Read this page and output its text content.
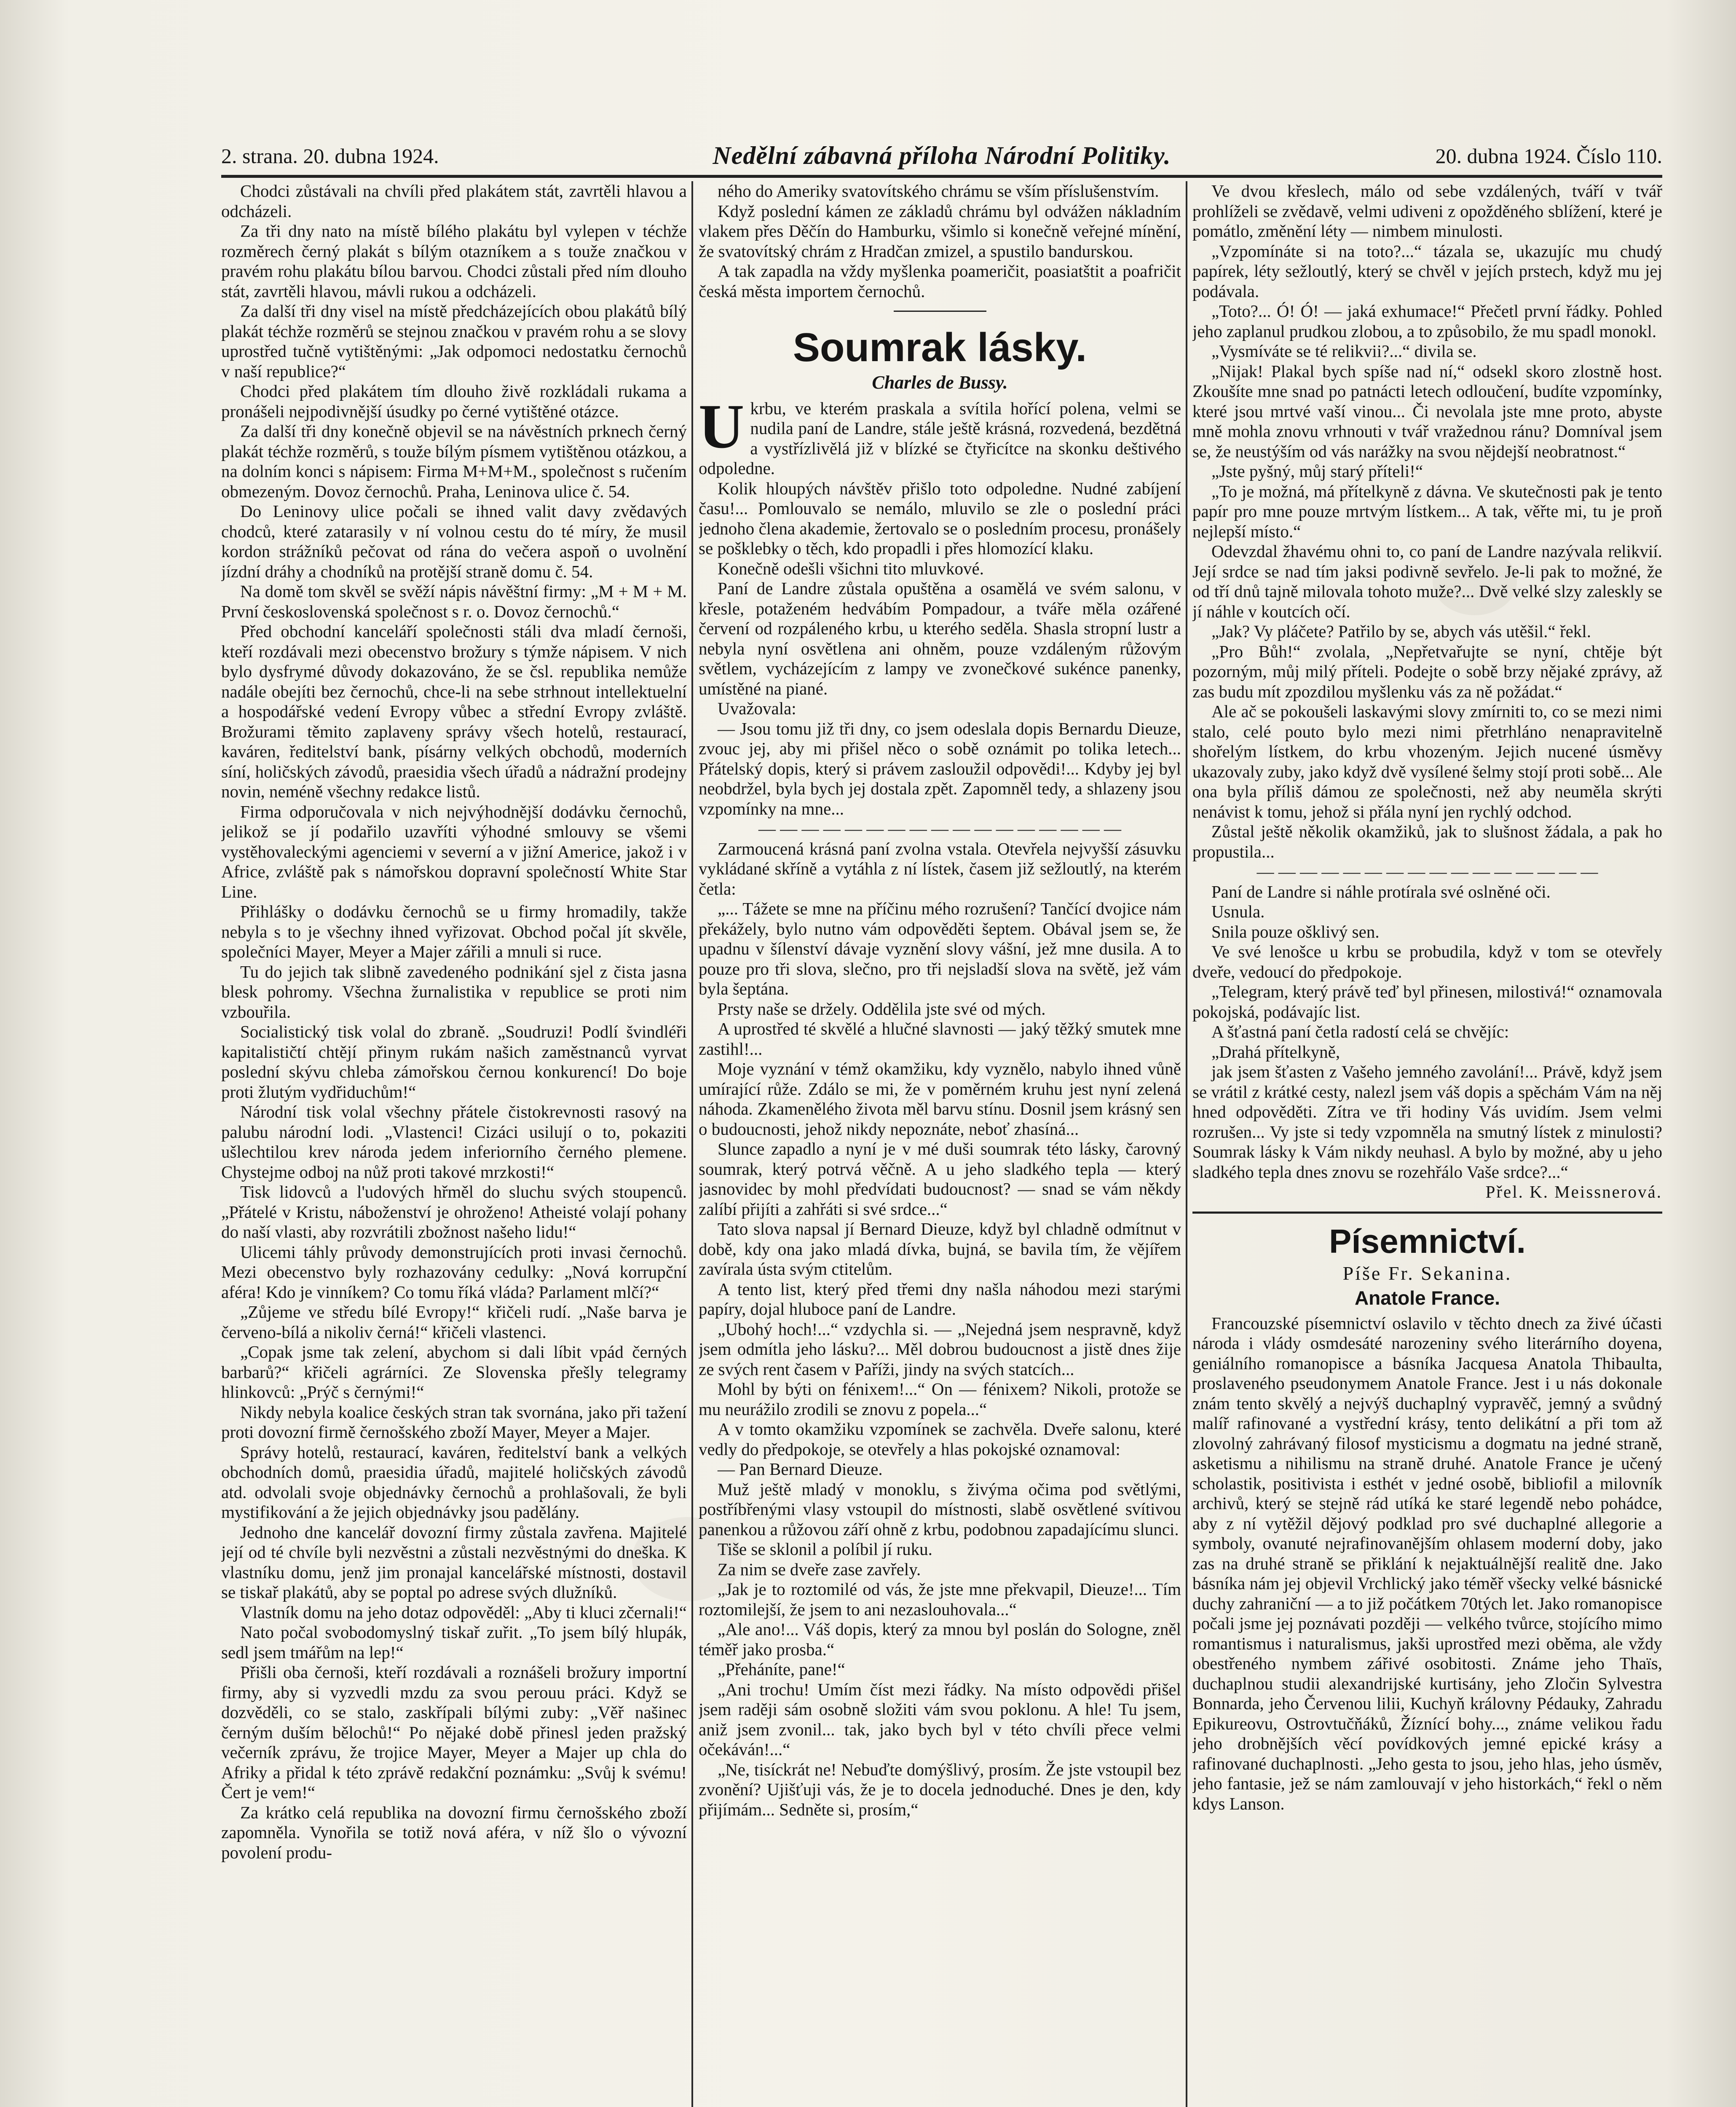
2. strana. 20. dubna 1924.	Nedělní zábavná příloha Národní Politiky.	20. dubna 1924. Číslo 110.

Chodci zůstávali na chvíli před plakátem stát, zavrtěli hlavou a odcházeli.

Za tři dny nato na místě bílého plakátu byl vylepen v téchže rozměrech černý plakát s bílým otazníkem a s touže značkou v pravém rohu plakátu bílou barvou. Chodci zůstali před ním dlouho stát, zavrtěli hlavou, mávli rukou a odcházeli.

Za další tři dny visel na místě předcházejících obou plakátů bílý plakát téchže rozměrů se stejnou značkou v pravém rohu a se slovy uprostřed tučně vytištěnými: „Jak odpomoci nedostatku černochů v naší republice?“

Chodci před plakátem tím dlouho živě rozkládali rukama a pronášeli nejpodivnější úsudky po černé vytištěné otázce.

Za další tři dny konečně objevil se na návěstních prknech černý plakát téchže rozměrů, s touže bílým písmem vytištěnou otázkou, a na dolním konci s nápisem: Firma M+M+M., společnost s ručením obmezeným. Dovoz černochů. Praha, Leninova ulice č. 54.

Do Leninovy ulice počali se ihned valit davy zvědavých chodců, které zatarasily v ní volnou cestu do té míry, že musil kordon strážníků pečovat od rána do večera aspoň o uvolnění jízdní dráhy a chodníků na protější straně domu č. 54.

Na domě tom skvěl se svěží nápis návěštní firmy: „M + M + M. První československá společnost s r. o. Dovoz černochů.“

Před obchodní kanceláří společnosti stáli dva mladí černoši, kteří rozdávali mezi obecenstvo brožury s týmže nápisem. V nich bylo dysfrymé důvody dokazováno, že se čsl. republika nemůže nadále obejíti bez černochů, chce-li na sebe strhnout intellektuelní a hospodářské vedení Evropy vůbec a střední Evropy zvláště. Brožurami těmito zaplaveny správy všech hotelů, restaurací, kaváren, ředitelství bank, písárny velkých obchodů, moderních síní, holičských závodů, praesidia všech úřadů a nádražní prodejny novin, neméně všechny redakce listů.

Firma odporučovala v nich nejvýhodnější dodávku černochů, jelikož se jí podařilo uzavříti výhodné smlouvy se všemi vystěhovaleckými agenciemi v severní a v jižní Americe, jakož i v Africe, zvláště pak s námořskou dopravní společností White Star Line.

Přihlášky o dodávku černochů se u firmy hromadily, takže nebyla s to je všechny ihned vyřizovat. Obchod počal jít skvěle, společníci Mayer, Meyer a Majer zářili a mnuli si ruce.

Tu do jejich tak slibně zavedeného podnikání sjel z čista jasna blesk pohromy. Všechna žurnalistika v republice se proti nim vzbouřila.

Socialistický tisk volal do zbraně. „Soudruzi! Podlí švindléři kapitalističtí chtějí přinym rukám našich zaměstnanců vyrvat poslední skývu chleba zámořskou černou konkurencí! Do boje proti žlutým vydřiduchům!“

Národní tisk volal všechny přátele čistokrevnosti rasový na palubu národní lodi. „Vlastenci! Cizáci usilují o to, pokaziti ušlechtilou krev národa jedem inferiorního černého plemene. Chystejme odboj na nůž proti takové mrzkosti!“

Tisk lidovců a l'udových hřměl do sluchu svých stoupenců. „Přátelé v Kristu, náboženství je ohroženo! Atheisté volají pohany do naší vlasti, aby rozvrátili zbožnost našeho lidu!“

Ulicemi táhly průvody demonstrujících proti invasi černochů. Mezi obecenstvo byly rozhazovány cedulky: „Nová korrupční aféra! Kdo je vinníkem? Co tomu říká vláda? Parlament mlčí?“

„Zůjeme ve středu bílé Evropy!“ křičeli rudí. „Naše barva je červeno-bílá a nikoliv černá!“ křičeli vlastenci.

„Copak jsme tak zelení, abychom si dali líbit vpád černých barbarů?“ křičeli agrárníci. Ze Slovenska přešly telegramy hlinkovců: „Prýč s černými!“

Nikdy nebyla koalice českých stran tak svornána, jako při tažení proti dovozní firmě černošského zboží Mayer, Meyer a Majer.

Správy hotelů, restaurací, kaváren, ředitelství bank a velkých obchodních domů, praesidia úřadů, majitelé holičských závodů atd. odvolali svoje objednávky černochů a prohlašovali, že byli mystifikování a že jejich objednávky jsou padělány.

Jednoho dne kancelář dovozní firmy zůstala zavřena. Majitelé její od té chvíle byli nezvěstni a zůstali nezvěstnými do dneška. K vlastníku domu, jenž jim pronajal kancelářské místnosti, dostavil se tiskař plakátů, aby se poptal po adrese svých dlužníků.

Vlastník domu na jeho dotaz odpověděl: „Aby ti kluci zčernali!“

Nato počal svobodomyslný tiskař zuřit. „To jsem bílý hlupák, sedl jsem tmářům na lep!“

Přišli oba černoši, kteří rozdávali a roznášeli brožury importní firmy, aby si vyzvedli mzdu za svou perouu práci. Když se dozvěděli, co se stalo, zaskřípali bílými zuby: „Věř našinec černým duším bělochů!“ Po nějaké době přinesl jeden pražský večerník zprávu, že trojice Mayer, Meyer a Majer up chla do Afriky a přidal k této zprávě redakční poznámku: „Svůj k svému! Čert je vem!“

Za krátko celá republika na dovozní firmu černošského zboží zapomněla. Vynořila se totiž nová aféra, v níž šlo o vývozní povolení produ-

ného do Ameriky svatovítského chrámu se vším příslušenstvím.

Když poslední kámen ze základů chrámu byl odvážen nákladním vlakem přes Děčín do Hamburku, všimlo si konečně veřejné mínění, že svatovítský chrám z Hradčan zmizel, a spustilo bandurskou.

A tak zapadla na vždy myšlenka poameričit, poasiatštit a poafričit česká města importem černochů.

Soumrak lásky.
Charles de Bussy.

Ukrbu, ve kterém praskala a svítila hořící polena, velmi se nudila paní de Landre, stále ještě krásná, rozvedená, bezdětná a vystřízlivělá již v blízké se čtyřicítce na skonku deštivého odpoledne.

Kolik hloupých návštěv přišlo toto odpoledne. Nudné zabíjení času!... Pomlouvalo se nemálo, mluvilo se zle o poslední práci jednoho člena akademie, žertovalo se o posledním procesu, pronášely se pošklebky o těch, kdo propadli i přes hlomozící klaku.

Konečně odešli všichni tito mluvkové.

Paní de Landre zůstala opuštěna a osamělá ve svém salonu, v křesle, potaženém hedvábím Pompadour, a tváře měla ozářené červení od rozpáleného krbu, u kterého seděla. Shasla stropní lustr a nebyla nyní osvětlena ani ohněm, pouze vzdáleným růžovým světlem, vycházejícím z lampy ve zvonečkové sukénce panenky, umístěné na piané.

Uvažovala:

— Jsou tomu již tři dny, co jsem odeslala dopis Bernardu Dieuze, zvouc jej, aby mi přišel něco o sobě oznámit po tolika letech... Přátelský dopis, který si právem zasloužil odpovědi!... Kdyby jej byl neobdržel, byla bych jej dostala zpět. Zapomněl tedy, a shlazeny jsou vzpomínky na mne...

— — — — — — — — — — — — — — — — —

Zarmoucená krásná paní zvolna vstala. Otevřela nejvyšší zásuvku vykládané skříně a vytáhla z ní lístek, časem již sežloutlý, na kterém četla:

„... Tážete se mne na příčinu mého rozrušení? Tančící dvojice nám překážely, bylo nutno vám odpověděti šeptem. Obával jsem se, že upadnu v šílenství dávaje vyznění slovy vášní, jež mne dusila. A to pouze pro tři slova, slečno, pro tři nejsladší slova na světě, jež vám byla šeptána.

Prsty naše se držely. Oddělila jste své od mých.

A uprostřed té skvělé a hlučné slavnosti — jaký těžký smutek mne zastihl!...

Moje vyznání v témž okamžiku, kdy vyznělo, nabylo ihned vůně umírající růže. Zdálo se mi, že v poměrném kruhu jest nyní zelená náhoda. Zkamenělého života měl barvu stínu. Dosnil jsem krásný sen o budoucnosti, jehož nikdy nepoznáte, neboť zhasíná...

Slunce zapadlo a nyní je v mé duši soumrak této lásky, čarovný soumrak, který potrvá věčně. A u jeho sladkého tepla — který jasnovidec by mohl předvídati budoucnost? — snad se vám někdy zalíbí přijíti a zahřáti si své srdce...“

Tato slova napsal jí Bernard Dieuze, když byl chladně odmítnut v době, kdy ona jako mladá dívka, bujná, se bavila tím, že vějířem zavírala ústa svým ctitelům.

A tento list, který před třemi dny našla náhodou mezi starými papíry, dojal hluboce paní de Landre.

„Ubohý hoch!...“ vzdychla si. — „Nejedná jsem nespravně, když jsem odmítla jeho lásku?... Měl dobrou budoucnost a jistě dnes žije ze svých rent časem v Paříži, jindy na svých statcích...

Mohl by býti on fénixem!...“ On — fénixem? Nikoli, protože se mu neurážilo zrodili se znovu z popela...“

A v tomto okamžiku vzpomínek se zachvěla. Dveře salonu, které vedly do předpokoje, se otevřely a hlas pokojské oznamoval:

— Pan Bernard Dieuze.

Muž ještě mladý v monoklu, s živýma očima pod světlými, postříbřenými vlasy vstoupil do místnosti, slabě osvětlené svítivou panenkou a růžovou září ohně z krbu, podobnou zapadajícímu slunci.

Tiše se sklonil a políbil jí ruku.

Za nim se dveře zase zavřely.

„Jak je to roztomilé od vás, že jste mne překvapil, Dieuze!... Tím roztomilejší, že jsem to ani nezaslouhovala...“

„Ale ano!... Váš dopis, který za mnou byl poslán do Sologne, zněl téměř jako prosba.“

„Přeháníte, pane!“

„Ani trochu! Umím číst mezi řádky. Na místo odpovědi přišel jsem raději sám osobně složiti vám svou poklonu. A hle! Tu jsem, aniž jsem zvonil... tak, jako bych byl v této chvíli přece velmi očekáván!...“

„Ne, tisíckrát ne! Nebuďte domýšlivý, prosím. Že jste vstoupil bez zvonění? Ujišťuji vás, že je to docela jednoduché. Dnes je den, kdy přijímám... Sedněte si, prosím,“

Ve dvou křeslech, málo od sebe vzdálených, tváří v tvář prohlíželi se zvědavě, velmi udiveni z opožděného sblížení, které je pomátlo, změnění léty — nimbem minulosti.

„Vzpomínáte si na toto?...“ tázala se, ukazujíc mu chudý papírek, léty sežloutlý, který se chvěl v jejích prstech, když mu jej podávala.

„Toto?... Ó! Ó! — jaká exhumace!“ Přečetl první řádky. Pohled jeho zaplanul prudkou zlobou, a to způsobilo, že mu spadl monokl.

„Vysmíváte se té relikvii?...“ divila se.

„Nijak! Plakal bych spíše nad ní,“ odsekl skoro zlostně host. Zkoušíte mne snad po patnácti letech odloučení, budíte vzpomínky, které jsou mrtvé vaší vinou... Či nevolala jste mne proto, abyste mně mohla znovu vrhnouti v tvář vražednou ránu? Domníval jsem se, že neustýším od vás narážky na svou nějdejší neobratnost.“

„Jste pyšný, můj starý příteli!“

„To je možná, má přítelkyně z dávna. Ve skutečnosti pak je tento papír pro mne pouze mrtvým lístkem... A tak, věřte mi, tu je proň nejlepší místo.“

Odevzdal žhavému ohni to, co paní de Landre nazývala relikvií. Její srdce se nad tím jaksi podivně sevřelo. Je-li pak to možné, že od tří dnů tajně milovala tohoto muže?... Dvě velké slzy zaleskly se jí náhle v koutcích očí.

„Jak? Vy pláčete? Patřilo by se, abych vás utěšil.“ řekl.

„Pro Bůh!“ zvolala, „Nepřetvařujte se nyní, chtěje být pozorným, můj milý příteli. Podejte o sobě brzy nějaké zprávy, až zas budu mít zpozdilou myšlenku vás za ně požádat.“

Ale ač se pokoušeli laskavými slovy zmírniti to, co se mezi nimi stalo, celé pouto bylo mezi nimi přetrhláno nenapravitelně shořelým lístkem, do krbu vhozeným. Jejich nucené úsměvy ukazovaly zuby, jako když dvě vysílené šelmy stojí proti sobě... Ale ona byla příliš dámou ze společnosti, než aby neuměla skrýti nenávist k tomu, jehož si přála nyní jen rychlý odchod.

Zůstal ještě několik okamžiků, jak to slušnost žádala, a pak ho propustila...

— — — — — — — — — — — — — — — —

Paní de Landre si náhle protírala své oslněné oči.

Usnula.

Snila pouze ošklivý sen.

Ve své lenošce u krbu se probudila, když v tom se otevřely dveře, vedoucí do předpokoje.

„Telegram, který právě teď byl přinesen, milostivá!“ oznamovala pokojská, podávajíc list.

A šťastná paní četla radostí celá se chvějíc:

„Drahá přítelkyně,

jak jsem šťasten z Vašeho jemného zavolání!... Právě, když jsem se vrátil z krátké cesty, nalezl jsem váš dopis a spěchám Vám na něj hned odpověděti. Zítra ve tři hodiny Vás uvidím. Jsem velmi rozrušen... Vy jste si tedy vzpomněla na smutný lístek z minulosti? Soumrak lásky k Vám nikdy neuhasl. A bylo by možné, aby u jeho sladkého tepla dnes znovu se rozehřálo Vaše srdce?...“

Přel. K. Meissnerová.

Písemnictví.
Píše Fr. Sekanina.
Anatole France.

Francouzské písemnictví oslavilo v těchto dnech za živé účasti národa i vlády osmdesáté narozeniny svého literárního doyena, geniálního romanopisce a básníka Jacquesa Anatola Thibaulta, proslaveného pseudonymem Anatole France. Jest i u nás dokonale znám tento skvělý a nejvýš duchaplný vypravěč, jemný a svůdný malíř rafinované a vystřední krásy, tento delikátní a při tom až zlovolný zahrávaný filosof mysticismu a dogmatu na jedné straně, asketismu a nihilismu na straně druhé. Anatole France je učený scholastik, positivista i esthét v jedné osobě, bibliofil a milovník archivů, který se stejně rád utíká ke staré legendě nebo pohádce, aby z ní vytěžil dějový podklad pro své duchaplné allegorie a symboly, ovanuté nejrafinovanějším ohlasem moderní doby, jako zas na druhé straně se přiklání k nejaktuálnější realitě dne. Jako básníka nám jej objevil Vrchlický jako téměř všecky velké básnické duchy zahraniční — a to již počátkem 70tých let. Jako romanopisce počali jsme jej poznávati později — velkého tvůrce, stojícího mimo romantismus i naturalismus, jakši uprostřed mezi oběma, ale vždy obestřeného nymbem zářivé osobitosti. Známe jeho Thaïs, duchaplnou studii alexandrijské kurtisány, jeho Zločin Sylvestra Bonnarda, jeho Červenou lilii, Kuchyň královny Pédauky, Zahradu Epikureovu, Ostrovtučňáků, Žíznící bohy..., známe velikou řadu jeho drobnějších věcí povídkových jemné epické krásy a rafinované duchaplnosti. „Jeho gesta to jsou, jeho hlas, jeho úsměv, jeho fantasie, jež se nám zamlouvají v jeho historkách,“ řekl o něm kdys Lanson.
